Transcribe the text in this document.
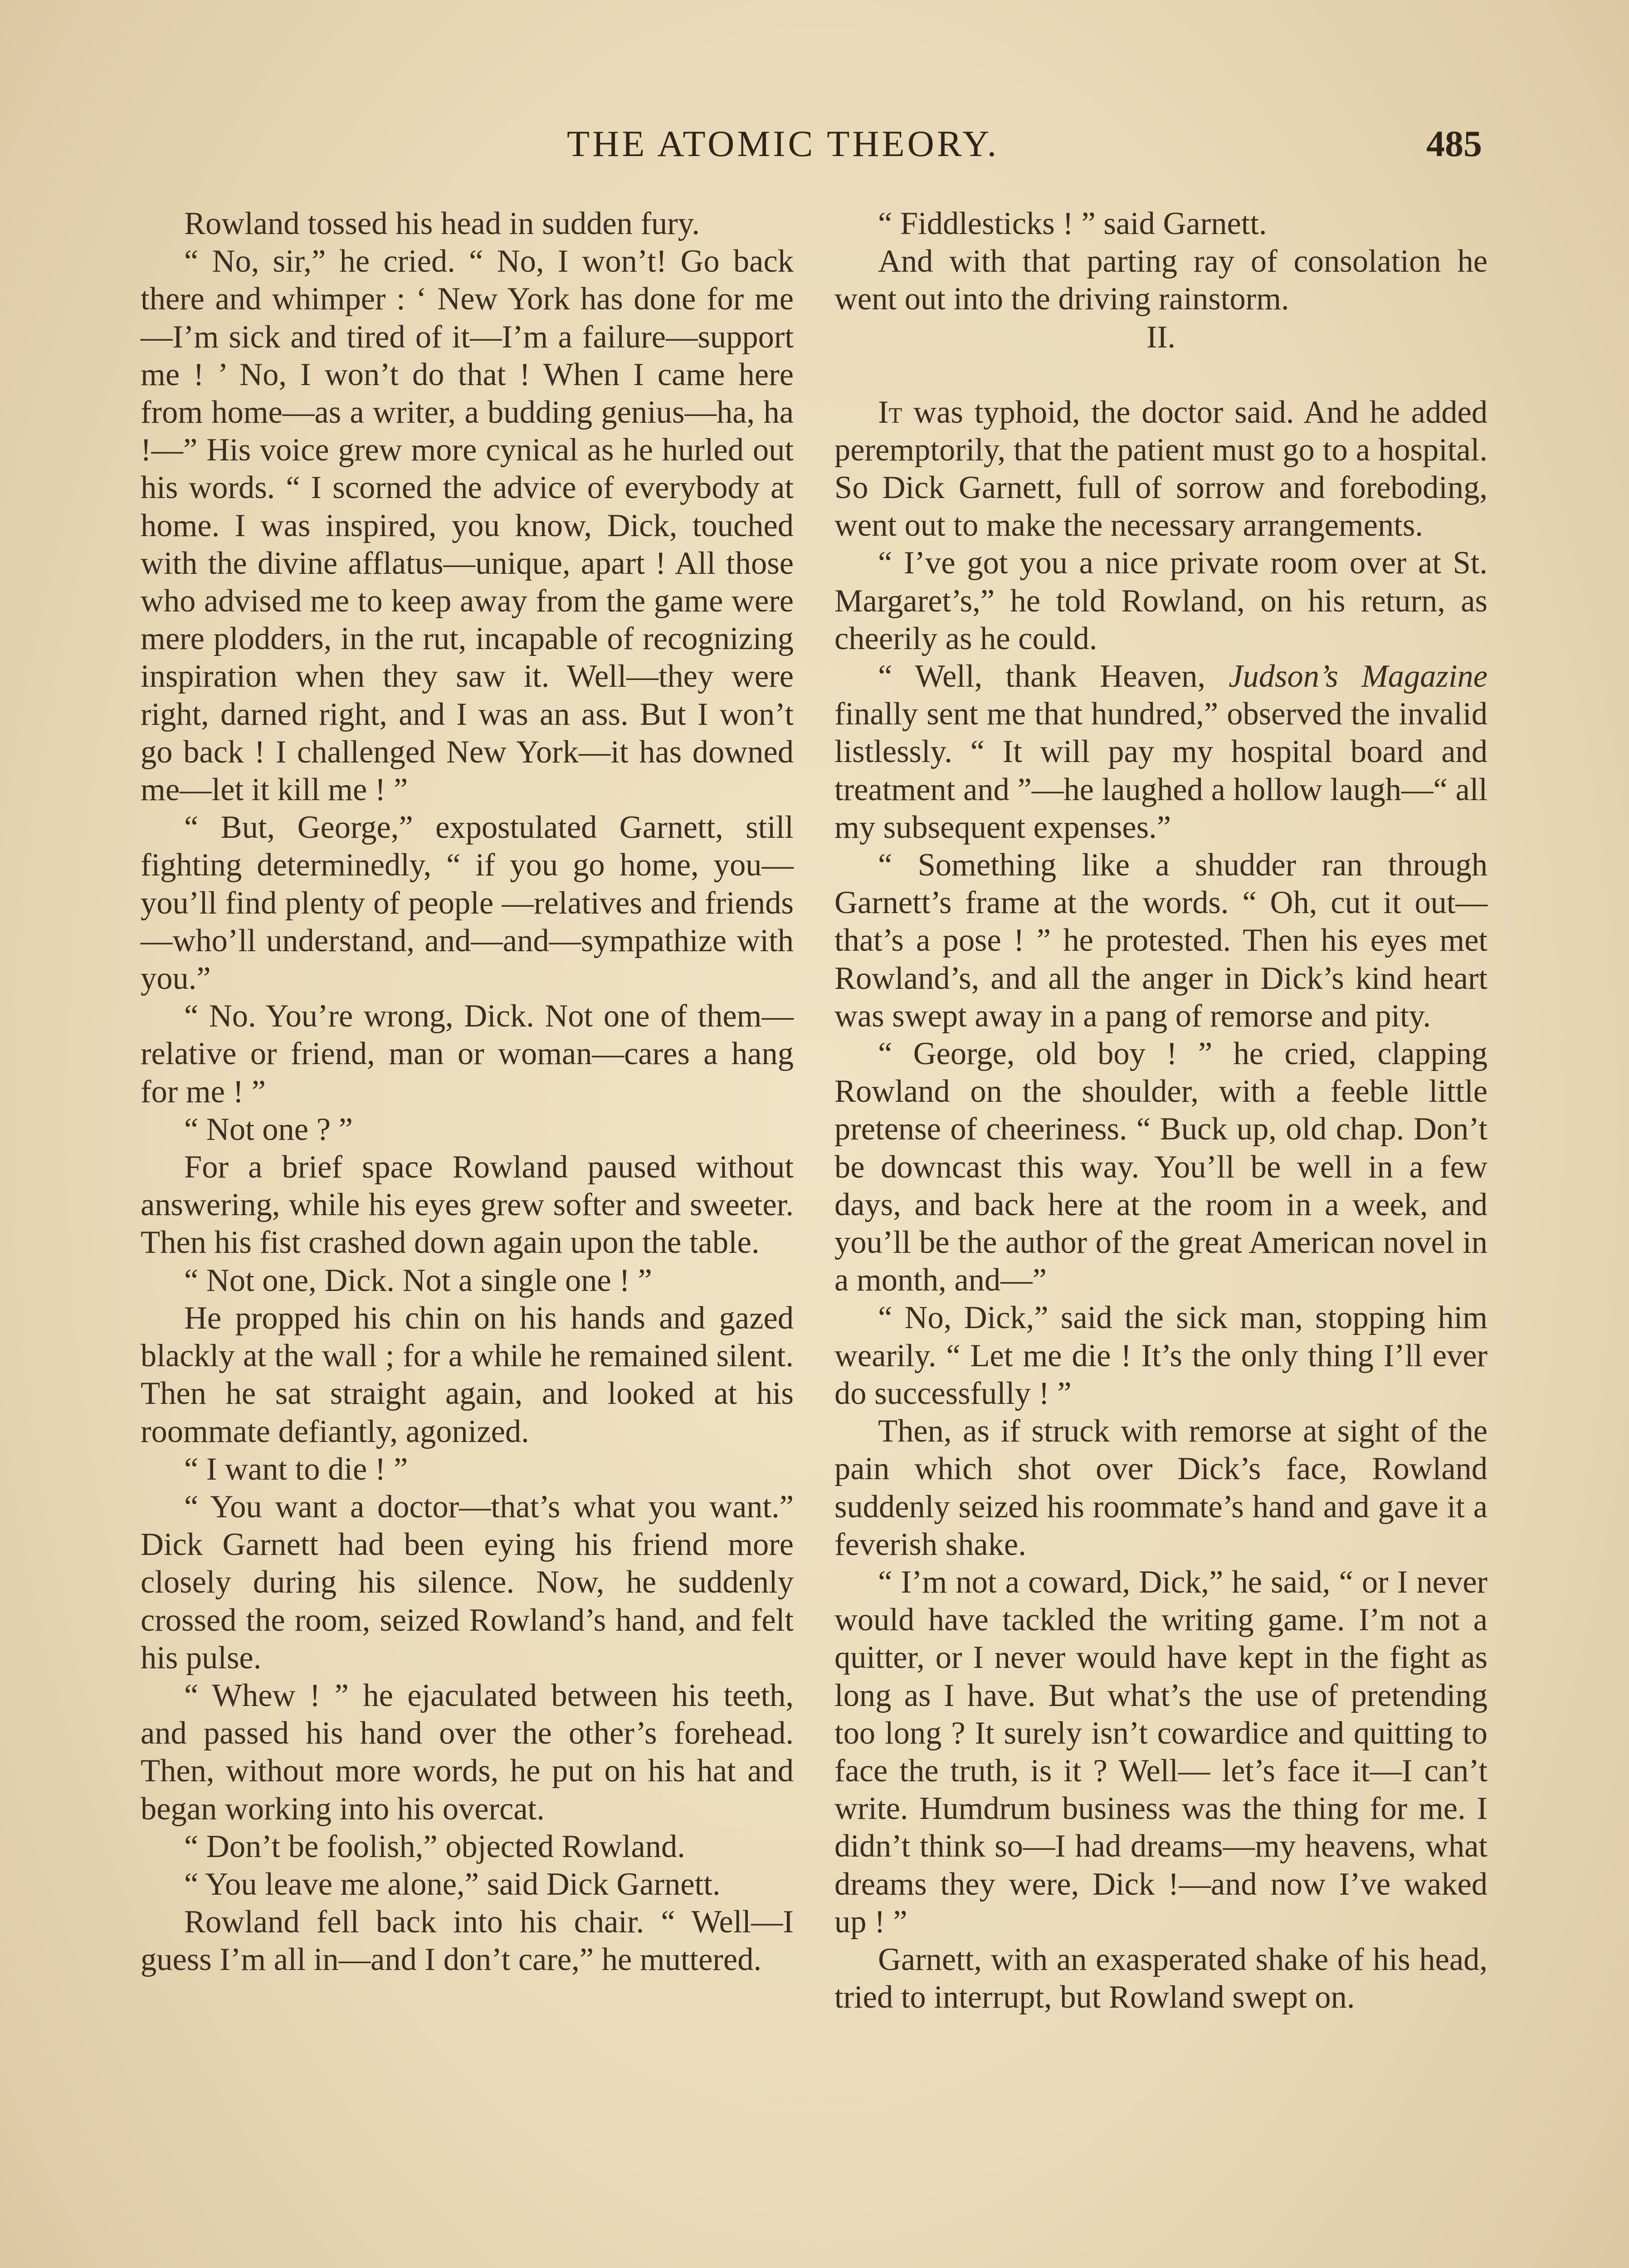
THE ATOMIC THEORY.	485

Rowland tossed his head in sudden fury.

“ No, sir,” he cried. “ No, I won’t! Go back there and whimper : ‘ New York has done for me—I’m sick and tired of it—I’m a failure—support me ! ’ No, I won’t do that ! When I came here from home—as a writer, a budding genius—ha, ha !—” His voice grew more cynical as he hurled out his words. “ I scorned the advice of everybody at home. I was inspired, you know, Dick, touched with the divine afflatus—unique, apart ! All those who advised me to keep away from the game were mere plodders, in the rut, incapable of recognizing inspiration when they saw it. Well—they were right, darned right, and I was an ass. But I won’t go back ! I challenged New York—it has downed me—let it kill me ! ”

“ But, George,” expostulated Garnett, still fighting determinedly, “ if you go home, you—you’ll find plenty of people —relatives and friends—who’ll understand, and—and—sympathize with you.”

“ No. You’re wrong, Dick. Not one of them—relative or friend, man or woman—cares a hang for me ! ”

“ Not one ? ”

For a brief space Rowland paused without answering, while his eyes grew softer and sweeter. Then his fist crashed down again upon the table.

“ Not one, Dick. Not a single one ! ”

He propped his chin on his hands and gazed blackly at the wall ; for a while he remained silent. Then he sat straight again, and looked at his roommate defiantly, agonized.

“ I want to die ! ”

“ You want a doctor—that’s what you want.” Dick Garnett had been eying his friend more closely during his silence. Now, he suddenly crossed the room, seized Rowland’s hand, and felt his pulse.

“ Whew ! ” he ejaculated between his teeth, and passed his hand over the other’s forehead. Then, without more words, he put on his hat and began working into his overcat.

“ Don’t be foolish,” objected Rowland.

“ You leave me alone,” said Dick Garnett.

Rowland fell back into his chair. “ Well—I guess I’m all in—and I don’t care,” he muttered.

“ Fiddlesticks ! ” said Garnett.

And with that parting ray of consolation he went out into the driving rainstorm.

II.

It was typhoid, the doctor said. And he added peremptorily, that the patient must go to a hospital. So Dick Garnett, full of sorrow and foreboding, went out to make the necessary arrangements.

“ I’ve got you a nice private room over at St. Margaret’s,” he told Rowland, on his return, as cheerily as he could.

“ Well, thank Heaven, Judson’s Magazine finally sent me that hundred,” observed the invalid listlessly. “ It will pay my hospital board and treatment and ”—he laughed a hollow laugh—“ all my subsequent expenses.”

“ Something like a shudder ran through Garnett’s frame at the words. “ Oh, cut it out—that’s a pose ! ” he protested. Then his eyes met Rowland’s, and all the anger in Dick’s kind heart was swept away in a pang of remorse and pity.

“ George, old boy ! ” he cried, clapping Rowland on the shoulder, with a feeble little pretense of cheeriness. “ Buck up, old chap. Don’t be downcast this way. You’ll be well in a few days, and back here at the room in a week, and you’ll be the author of the great American novel in a month, and—”

“ No, Dick,” said the sick man, stopping him wearily. “ Let me die ! It’s the only thing I’ll ever do successfully ! ”

Then, as if struck with remorse at sight of the pain which shot over Dick’s face, Rowland suddenly seized his roommate’s hand and gave it a feverish shake.

“ I’m not a coward, Dick,” he said, “ or I never would have tackled the writing game. I’m not a quitter, or I never would have kept in the fight as long as I have. But what’s the use of pretending too long ? It surely isn’t cowardice and quitting to face the truth, is it ? Well— let’s face it—I can’t write. Humdrum business was the thing for me. I didn’t think so—I had dreams—my heavens, what dreams they were, Dick !—and now I’ve waked up ! ”

Garnett, with an exasperated shake of his head, tried to interrupt, but Rowland swept on.
